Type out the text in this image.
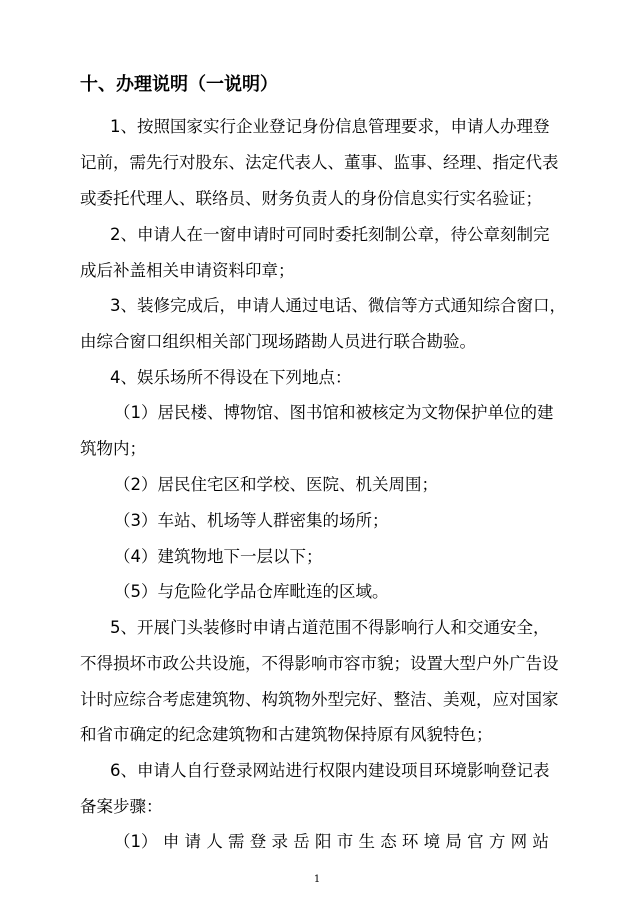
十、办理说明（一说明）
1、按照国家实行企业登记身份信息管理要求，申请人办理登
记前，需先行对股东、法定代表人、董事、监事、经理、指定代表
或委托代理人、联络员、财务负责人的身份信息实行实名验证；
2、申请人在一窗申请时可同时委托刻制公章，待公章刻制完
成后补盖相关申请资料印章；
3、装修完成后，申请人通过电话、微信等方式通知综合窗口，
由综合窗口组织相关部门现场踏勘人员进行联合勘验。
4、娱乐场所不得设在下列地点：
（1）居民楼、博物馆、图书馆和被核定为文物保护单位的建
筑物内；
（2）居民住宅区和学校、医院、机关周围；
（3）车站、机场等人群密集的场所；
（4）建筑物地下一层以下；
（5）与危险化学品仓库毗连的区域。
5、开展门头装修时申请占道范围不得影响行人和交通安全，
不得损坏市政公共设施，不得影响市容市貌；设置大型户外广告设
计时应综合考虑建筑物、构筑物外型完好、整洁、美观，应对国家
和省市确定的纪念建筑物和古建筑物保持原有风貌特色；
6、申请人自行登录网站进行权限内建设项目环境影响登记表
备案步骤：
（1） 申 请 人 需 登 录 岳 阳 市 生 态 环 境 局 官 方 网 站
1
